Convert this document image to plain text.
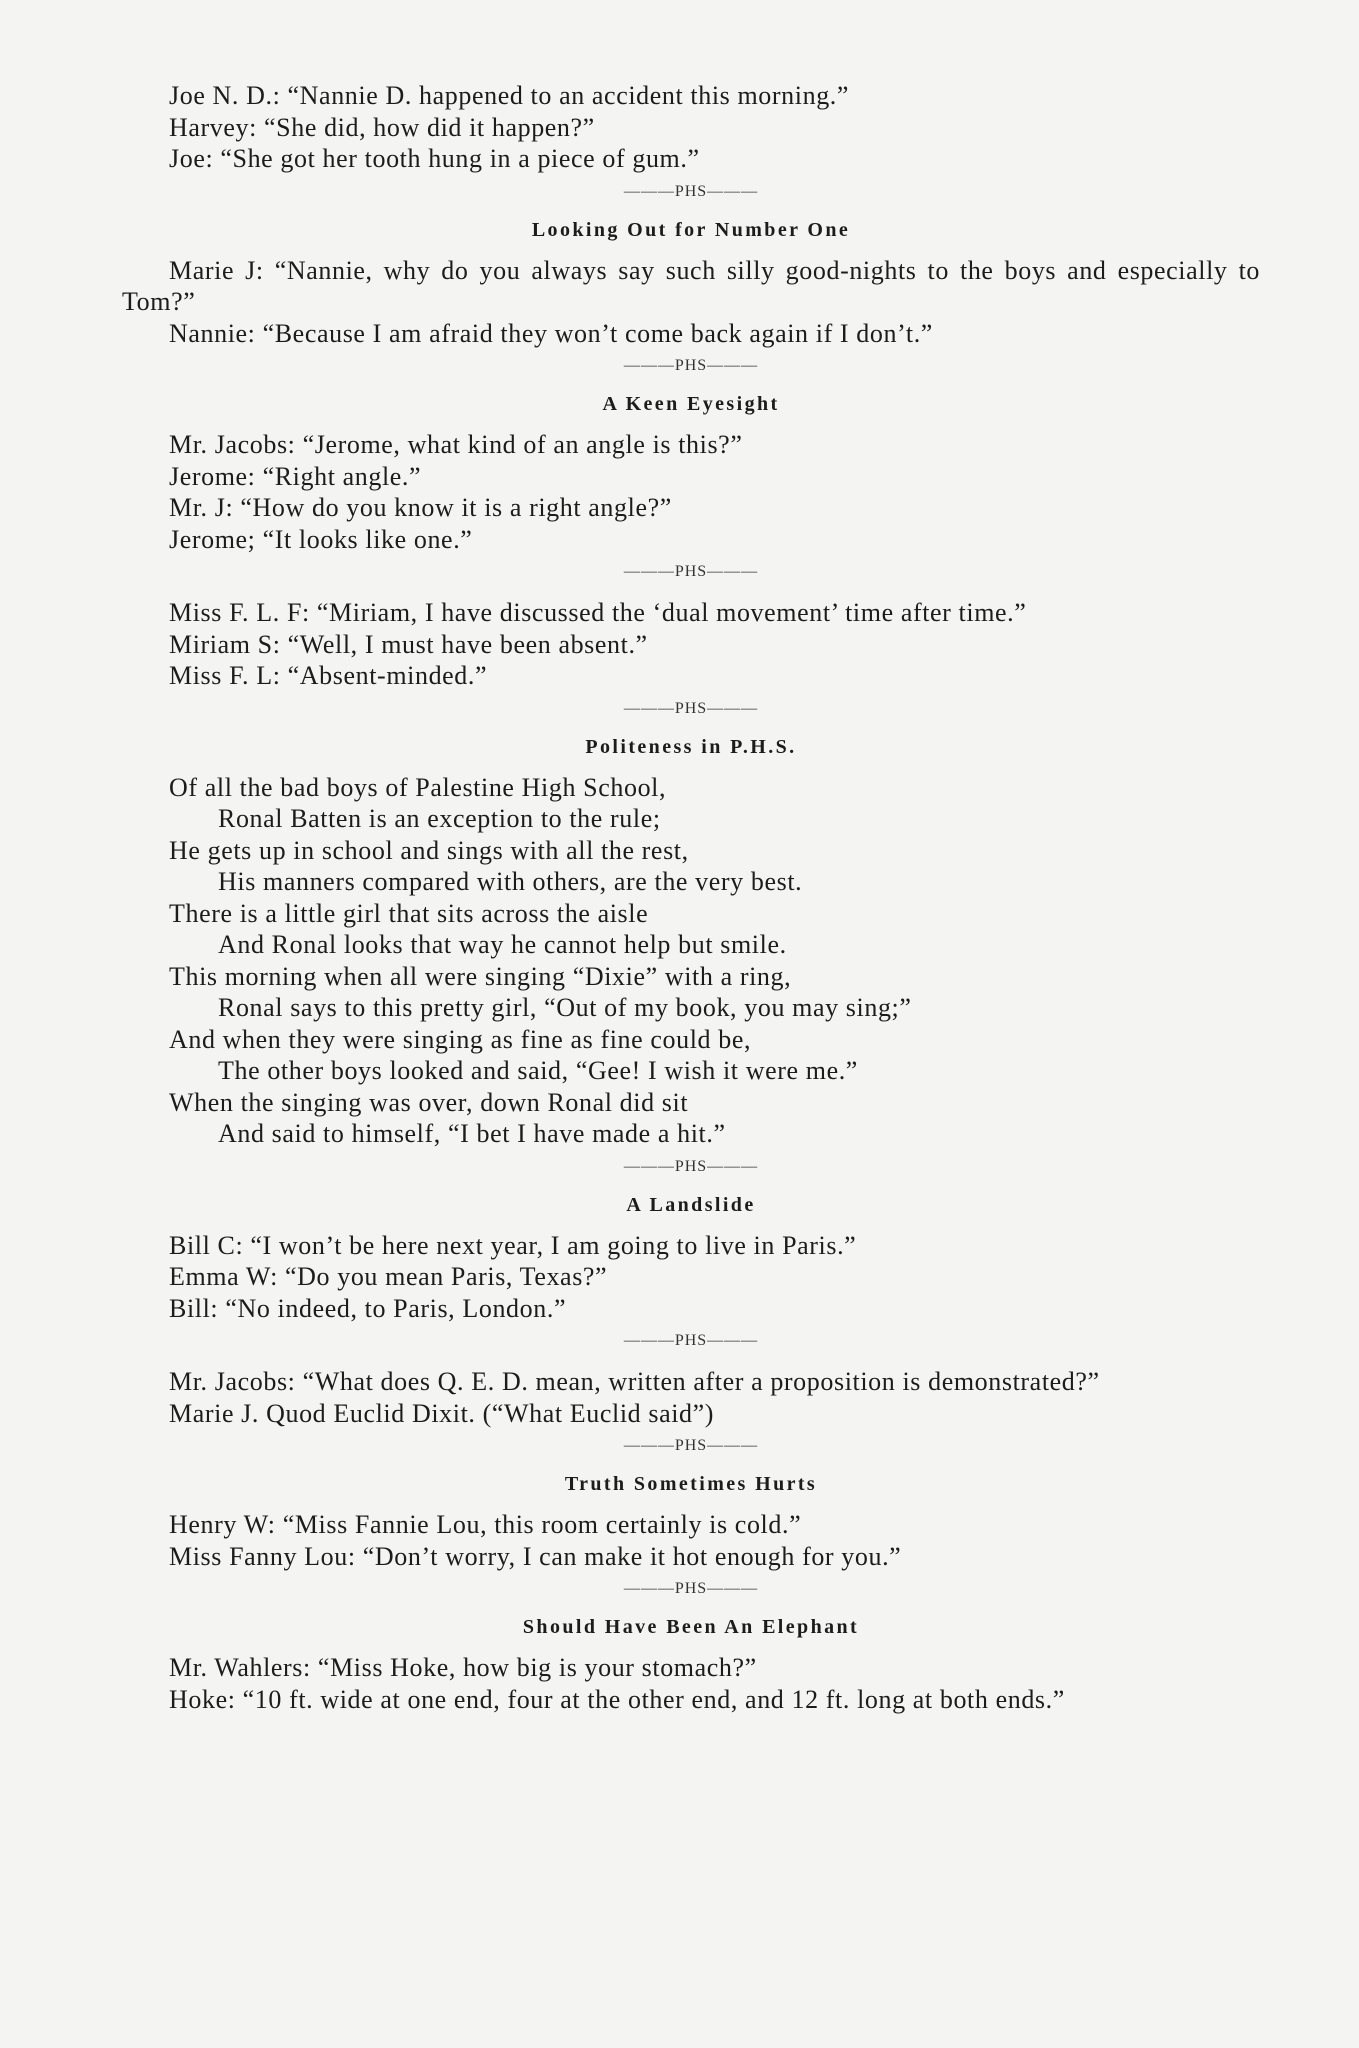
Joe N. D.: “Nannie D. happened to an accident this morning.”
Harvey: “She did, how did it happen?”
Joe: “She got her tooth hung in a piece of gum.”
———PHS———
Looking Out for Number One
Marie J: “Nannie, why do you always say such silly good-nights to the boys and especially to Tom?”
Nannie: “Because I am afraid they won’t come back again if I don’t.”
———PHS———
A Keen Eyesight
Mr. Jacobs: “Jerome, what kind of an angle is this?”
Jerome: “Right angle.”
Mr. J: “How do you know it is a right angle?”
Jerome; “It looks like one.”
———PHS———
Miss F. L. F: “Miriam, I have discussed the ‘dual movement’ time after time.”
Miriam S: “Well, I must have been absent.”
Miss F. L: “Absent-minded.”
———PHS———
Politeness in P.H.S.
Of all the bad boys of Palestine High School,
Ronal Batten is an exception to the rule;
He gets up in school and sings with all the rest,
His manners compared with others, are the very best.
There is a little girl that sits across the aisle
And Ronal looks that way he cannot help but smile.
This morning when all were singing “Dixie” with a ring,
Ronal says to this pretty girl, “Out of my book, you may sing;”
And when they were singing as fine as fine could be,
The other boys looked and said, “Gee! I wish it were me.”
When the singing was over, down Ronal did sit
And said to himself, “I bet I have made a hit.”
———PHS———
A Landslide
Bill C: “I won’t be here next year, I am going to live in Paris.”
Emma W: “Do you mean Paris, Texas?”
Bill: “No indeed, to Paris, London.”
———PHS———
Mr. Jacobs: “What does Q. E. D. mean, written after a proposition is demonstrated?”
Marie J. Quod Euclid Dixit. (“What Euclid said”)
———PHS———
Truth Sometimes Hurts
Henry W: “Miss Fannie Lou, this room certainly is cold.”
Miss Fanny Lou: “Don’t worry, I can make it hot enough for you.”
———PHS———
Should Have Been An Elephant
Mr. Wahlers: “Miss Hoke, how big is your stomach?”
Hoke: “10 ft. wide at one end, four at the other end, and 12 ft. long at both ends.”
